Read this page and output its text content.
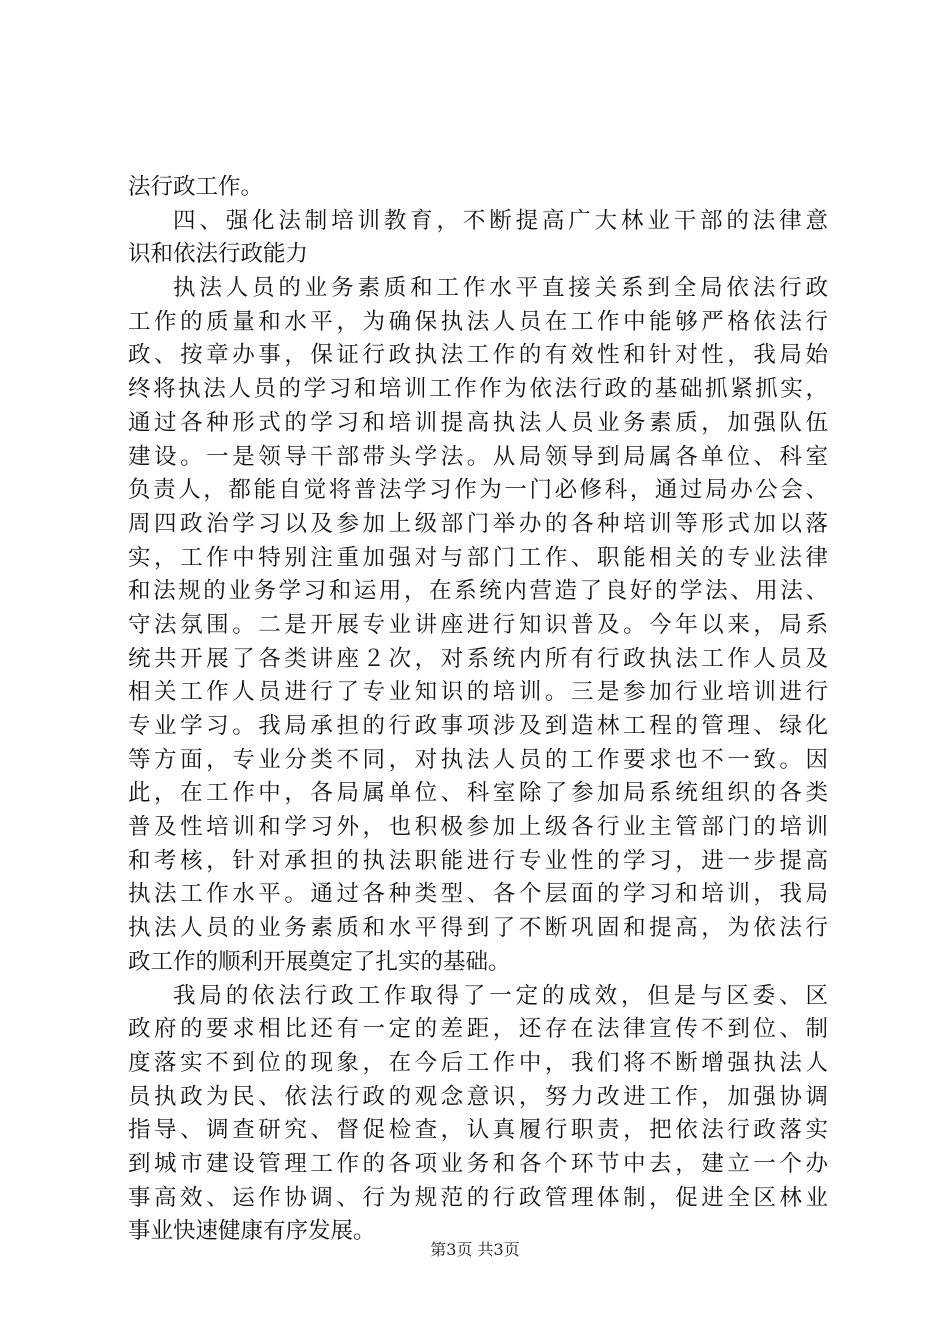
法行政工作。
四、强化法制培训教育，不断提高广大林业干部的法律意
识和依法行政能力
执法人员的业务素质和工作水平直接关系到全局依法行政
工作的质量和水平，为确保执法人员在工作中能够严格依法行
政、按章办事，保证行政执法工作的有效性和针对性，我局始
终将执法人员的学习和培训工作作为依法行政的基础抓紧抓实，
通过各种形式的学习和培训提高执法人员业务素质，加强队伍
建设。一是领导干部带头学法。从局领导到局属各单位、科室
负责人，都能自觉将普法学习作为一门必修科，通过局办公会、
周四政治学习以及参加上级部门举办的各种培训等形式加以落
实，工作中特别注重加强对与部门工作、职能相关的专业法律
和法规的业务学习和运用，在系统内营造了良好的学法、用法、
守法氛围。二是开展专业讲座进行知识普及。今年以来，局系
统共开展了各类讲座２次，对系统内所有行政执法工作人员及
相关工作人员进行了专业知识的培训。三是参加行业培训进行
专业学习。我局承担的行政事项涉及到造林工程的管理、绿化
等方面，专业分类不同，对执法人员的工作要求也不一致。因
此，在工作中，各局属单位、科室除了参加局系统组织的各类
普及性培训和学习外，也积极参加上级各行业主管部门的培训
和考核，针对承担的执法职能进行专业性的学习，进一步提高
执法工作水平。通过各种类型、各个层面的学习和培训，我局
执法人员的业务素质和水平得到了不断巩固和提高，为依法行
政工作的顺利开展奠定了扎实的基础。
我局的依法行政工作取得了一定的成效，但是与区委、区
政府的要求相比还有一定的差距，还存在法律宣传不到位、制
度落实不到位的现象，在今后工作中，我们将不断增强执法人
员执政为民、依法行政的观念意识，努力改进工作，加强协调
指导、调查研究、督促检查，认真履行职责，把依法行政落实
到城市建设管理工作的各项业务和各个环节中去，建立一个办
事高效、运作协调、行为规范的行政管理体制，促进全区林业
事业快速健康有序发展。
第3页 共3页
